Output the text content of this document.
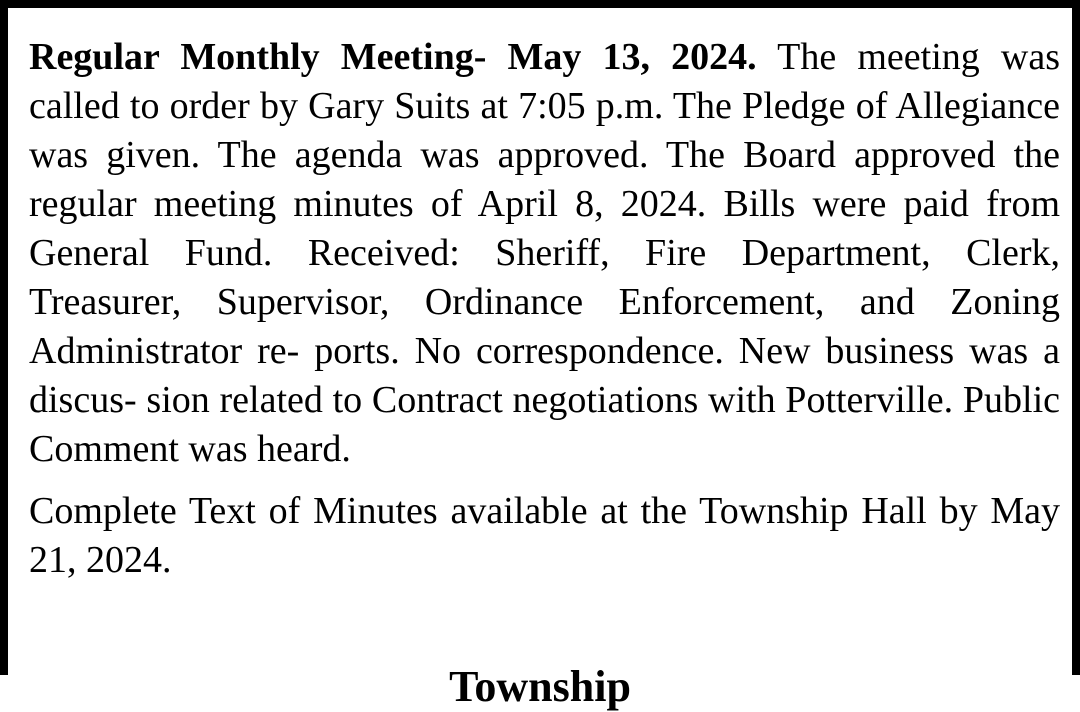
Regular Monthly Meeting- May 13, 2024. The meeting was called to order by Gary Suits at 7:05 p.m. The Pledge of Allegiance was given. The agenda was approved. The Board approved the regular meeting minutes of April 8, 2024. Bills were paid from General Fund. Received: Sheriff, Fire Department, Clerk, Treasurer, Supervisor, Ordinance Enforcement, and Zoning Administrator re- ports. No correspondence. New business was a discus- sion related to Contract negotiations with Potterville. Public Comment was heard.

Complete Text of Minutes available at the Township Hall by May 21, 2024.

Township
